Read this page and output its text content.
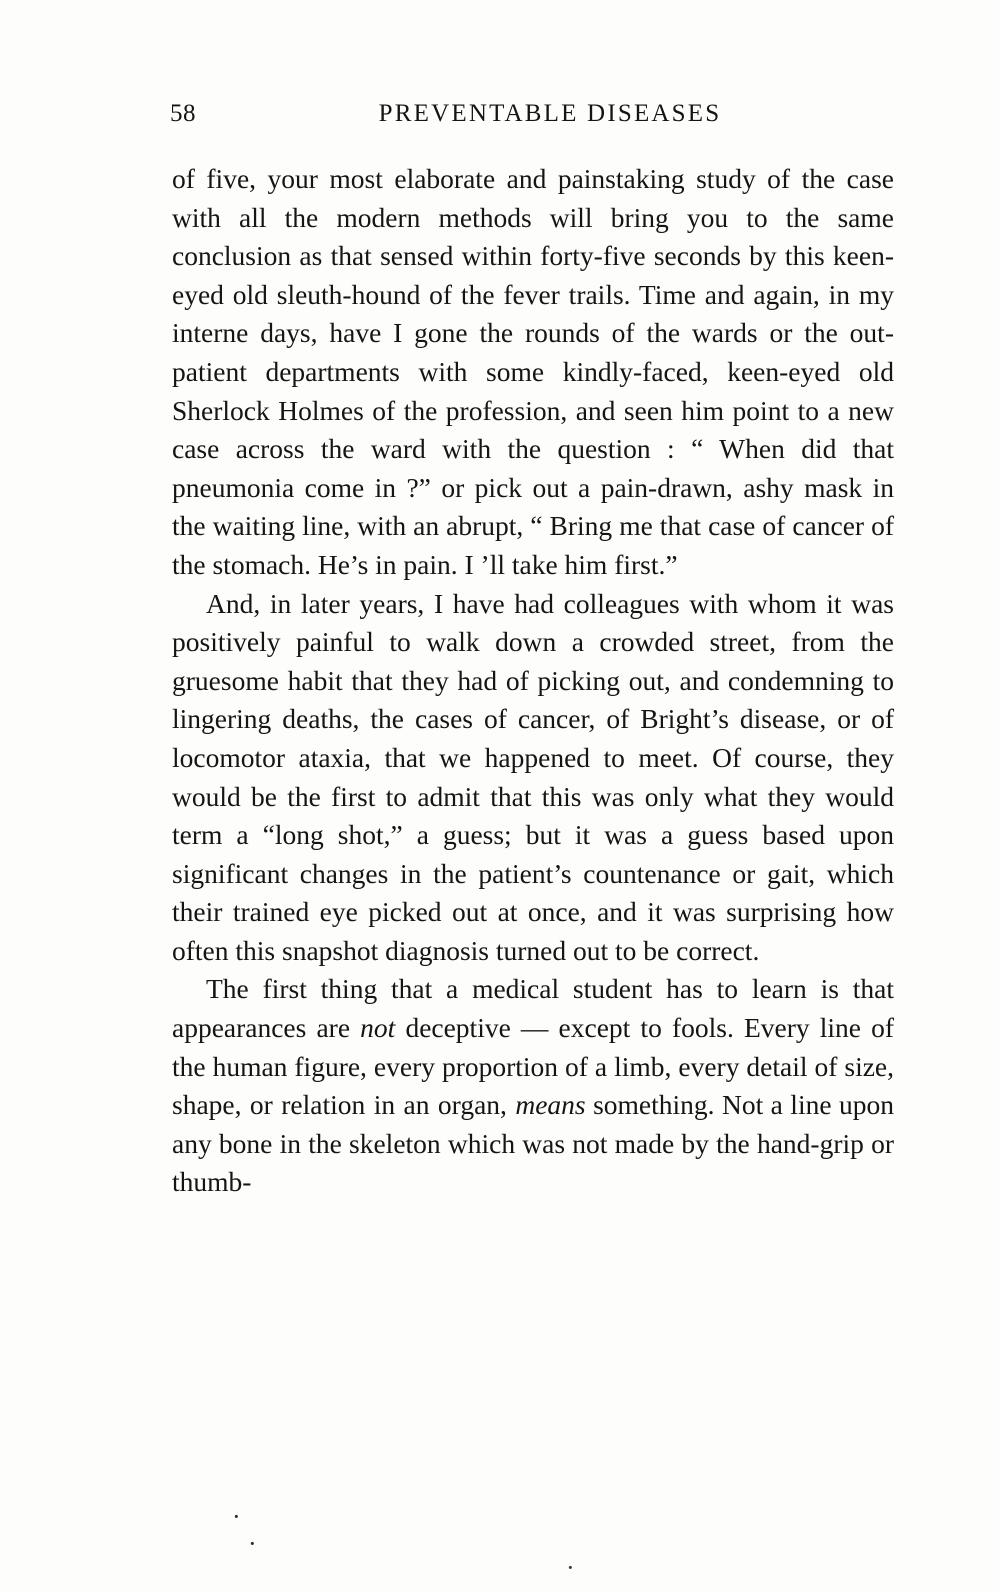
58	PREVENTABLE DISEASES

of five, your most elaborate and painstaking study of the case with all the modern methods will bring you to the same conclusion as that sensed within forty-five seconds by this keen-eyed old sleuth-hound of the fever trails. Time and again, in my interne days, have I gone the rounds of the wards or the out-patient departments with some kindly-faced, keen-eyed old Sherlock Holmes of the profession, and seen him point to a new case across the ward with the question : “ When did that pneumonia come in ?” or pick out a pain-drawn, ashy mask in the waiting line, with an abrupt, “ Bring me that case of cancer of the stomach. He’s in pain. I ’ll take him first.”

And, in later years, I have had colleagues with whom it was positively painful to walk down a crowded street, from the gruesome habit that they had of picking out, and condemning to lingering deaths, the cases of cancer, of Bright’s disease, or of locomotor ataxia, that we happened to meet. Of course, they would be the first to admit that this was only what they would term a “long shot,” a guess; but it was a guess based upon significant changes in the patient’s countenance or gait, which their trained eye picked out at once, and it was surprising how often this snapshot diagnosis turned out to be correct.

The first thing that a medical student has to learn is that appearances are not deceptive — except to fools. Every line of the human figure, every proportion of a limb, every detail of size, shape, or relation in an organ, means something. Not a line upon any bone in the skeleton which was not made by the hand-grip or thumb-

·
·
·
